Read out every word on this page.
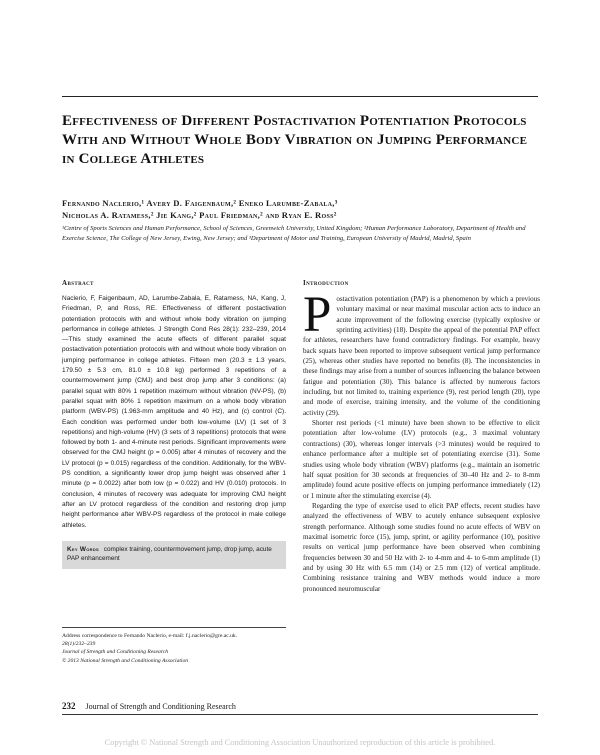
Effectiveness of Different Postactivation Potentiation Protocols With and Without Whole Body Vibration on Jumping Performance in College Athletes
Fernando Naclerio,¹ Avery D. Faigenbaum,² Eneko Larumbe-Zabala,³
Nicholas A. Ratamess,² Jie Kang,² Paul Friedman,² and Ryan E. Ross²
¹Centre of Sports Sciences and Human Performance, School of Sciences, Greenwich University, United Kingdom; ²Human Performance Laboratory, Department of Health and Exercise Science, The College of New Jersey, Ewing, New Jersey; and ³Department of Motor and Training, European University of Madrid, Madrid, Spain
Abstract

Naclerio, F, Faigenbaum, AD, Larumbe-Zabala, E, Ratamess, NA, Kang, J, Friedman, P, and Ross, RE. Effectiveness of different postactivation potentiation protocols with and without whole body vibration on jumping performance in college athletes. J Strength Cond Res 28(1): 232–239, 2014—This study examined the acute effects of different parallel squat postactivation potentiation protocols with and without whole body vibration on jumping performance in college athletes. Fifteen men (20.3 ± 1.3 years, 179.50 ± 5.3 cm, 81.0 ± 10.8 kg) performed 3 repetitions of a countermovement jump (CMJ) and best drop jump after 3 conditions: (a) parallel squat with 80% 1 repetition maximum without vibration (NV-PS), (b) parallel squat with 80% 1 repetition maximum on a whole body vibration platform (WBV-PS) (1.963-mm amplitude and 40 Hz), and (c) control (C). Each condition was performed under both low-volume (LV) (1 set of 3 repetitions) and high-volume (HV) (3 sets of 3 repetitions) protocols that were followed by both 1- and 4-minute rest periods. Significant improvements were observed for the CMJ height (p = 0.005) after 4 minutes of recovery and the LV protocol (p = 0.015) regardless of the condition. Additionally, for the WBV-PS condition, a significantly lower drop jump height was observed after 1 minute (p = 0.0022) after both low (p = 0.022) and HV (0.010) protocols. In conclusion, 4 minutes of recovery was adequate for improving CMJ height after an LV protocol regardless of the condition and restoring drop jump height performance after WBV-PS regardless of the protocol in male college athletes.

Key Words complex training, countermovement jump, drop jump, acute PAP enhancement
Address correspondence to Fernando Naclerio, e-mail: f.j.naclerio@gre.ac.uk.
28(1)/232–239
Journal of Strength and Conditioning Research
© 2013 National Strength and Conditioning Association
Introduction

Postactivation potentiation (PAP) is a phenomenon by which a previous voluntary maximal or near maximal muscular action acts to induce an acute improvement of the following exercise (typically explosive or sprinting activities) (18). Despite the appeal of the potential PAP effect for athletes, researchers have found contradictory findings. For example, heavy back squats have been reported to improve subsequent vertical jump performance (25), whereas other studies have reported no benefits (8). The inconsistencies in these findings may arise from a number of sources influencing the balance between fatigue and potentiation (30). This balance is affected by numerous factors including, but not limited to, training experience (9), rest period length (20), type and mode of exercise, training intensity, and the volume of the conditioning activity (29).

Shorter rest periods (<1 minute) have been shown to be effective to elicit potentiation after low-volume (LV) protocols (e.g., 3 maximal voluntary contractions) (30), whereas longer intervals (>3 minutes) would be required to enhance performance after a multiple set of potentiating exercise (31). Some studies using whole body vibration (WBV) platforms (e.g., maintain an isometric half squat position for 30 seconds at frequencies of 30–40 Hz and 2- to 8-mm amplitude) found acute positive effects on jumping performance immediately (12) or 1 minute after the stimulating exercise (4).

Regarding the type of exercise used to elicit PAP effects, recent studies have analyzed the effectiveness of WBV to acutely enhance subsequent explosive strength performance. Although some studies found no acute effects of WBV on maximal isometric force (15), jump, sprint, or agility performance (10), positive results on vertical jump performance have been observed when combining frequencies between 30 and 50 Hz with 2- to 4-mm and 4- to 6-mm amplitude (1) and by using 30 Hz with 6.5 mm (14) or 2.5 mm (12) of vertical amplitude. Combining resistance training and WBV methods would induce a more pronounced neuromuscular

232 Journal of Strength and Conditioning Research
Copyright © National Strength and Conditioning Association Unauthorized reproduction of this article is prohibited.
